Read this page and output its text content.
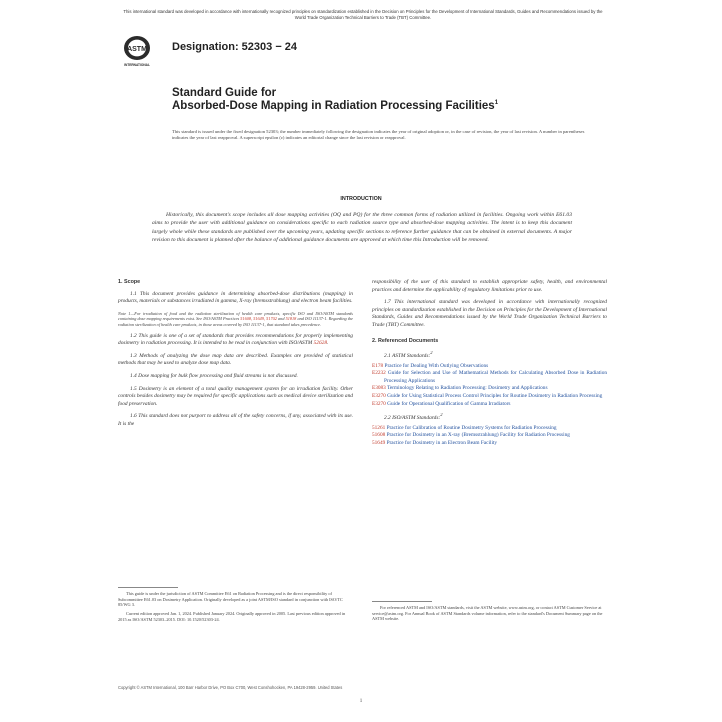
This international standard was developed in accordance with internationally recognized principles on standardization established in the Decision on Principles for the Development of International Standards, Guides and Recommendations issued by the World Trade Organization Technical Barriers to Trade (TBT) Committee.
ASTM
INTERNATIONAL
Designation: 52303 − 24
Standard Guide for
Absorbed-Dose Mapping in Radiation Processing Facilities$^1$
This standard is issued under the fixed designation 52303; the number immediately following the designation indicates the year of original adoption or, in the case of revision, the year of last revision. A number in parentheses indicates the year of last reapproval. A superscript epsilon (ε) indicates an editorial change since the last revision or reapproval.
INTRODUCTION
Historically, this document's scope includes all dose mapping activities (OQ and PQ) for the three common forms of radiation utilized in facilities. Ongoing work within E61.03 aims to provide the user with additional guidance on considerations specific to each radiation source type and absorbed-dose mapping activities. The intent is to keep this document largely whole while these standards are published over the upcoming years, updating specific sections to reference further guidance that can be obtained in external documents. A major revision to this document is planned after the balance of additional guidance documents are approved at which time this Introduction will be removed.
1. Scope

1.1 This document provides guidance in determining absorbed-dose distributions (mapping) in products, materials or substances irradiated in gamma, X-ray (bremsstrahlung) and electron beam facilities.

Note 1—For irradiation of food and the radiation sterilization of health care products, specific ISO and ISO/ASTM standards containing dose mapping requirements exist. See ISO/ASTM Practices 51608, 51649, 51702 and 51818 and ISO 11137-1. Regarding the radiation sterilization of health care products, in those areas covered by ISO 11137-1, that standard takes precedence.

1.2 This guide is one of a set of standards that provides recommendations for properly implementing dosimetry in radiation processing. It is intended to be read in conjunction with ISO/ASTM 52628.

1.3 Methods of analyzing the dose map data are described. Examples are provided of statistical methods that may be used to analyze dose map data.

1.4 Dose mapping for bulk flow processing and fluid streams is not discussed.

1.5 Dosimetry is an element of a total quality management system for an irradiation facility. Other controls besides dosimetry may be required for specific applications such as medical device sterilization and food preservation.

1.6 This standard does not purport to address all of the safety concerns, if any, associated with its use. It is the

responsibility of the user of this standard to establish appropriate safety, health, and environmental practices and determine the applicability of regulatory limitations prior to use.

1.7 This international standard was developed in accordance with internationally recognized principles on standardization established in the Decision on Principles for the Development of International Standards, Guides and Recommendations issued by the World Trade Organization Technical Barriers to Trade (TBT) Committee.

2. Referenced Documents
2.1 ASTM Standards:$^2$

E178 Practice for Dealing With Outlying Observations

E2232 Guide for Selection and Use of Mathematical Methods for Calculating Absorbed Dose in Radiation Processing Applications

E3083 Terminology Relating to Radiation Processing: Dosimetry and Applications

E3270 Guide for Using Statistical Process Control Principles for Routine Dosimetry in Radiation Processing

E3270 Guide for Operational Qualification of Gamma Irradiators

2.2 ISO/ASTM Standards:$^2$

51261 Practice for Calibration of Routine Dosimetry Systems for Radiation Processing

51608 Practice for Dosimetry in an X-ray (Bremsstrahlung) Facility for Radiation Processing

51649 Practice for Dosimetry in an Electron Beam Facility

This guide is under the jurisdiction of ASTM Committee E61 on Radiation Processing and is the direct responsibility of Subcommittee E61.03 on Dosimetry Application. Originally developed as a joint ASTM/ISO standard in conjunction with ISO/TC 85/WG 3.

Current edition approved Jan. 1, 2024. Published January 2024. Originally approved in 2005. Last previous edition approved in 2015 as ISO/ASTM 52303–2015. DOI: 10.1520/52303-24.

For referenced ASTM and ISO/ASTM standards, visit the ASTM website, www.astm.org, or contact ASTM Customer Service at service@astm.org. For Annual Book of ASTM Standards volume information, refer to the standard's Document Summary page on the ASTM website.

Copyright © ASTM International, 100 Barr Harbor Drive, PO Box C700, West Conshohocken, PA 19428-2959. United States
1
